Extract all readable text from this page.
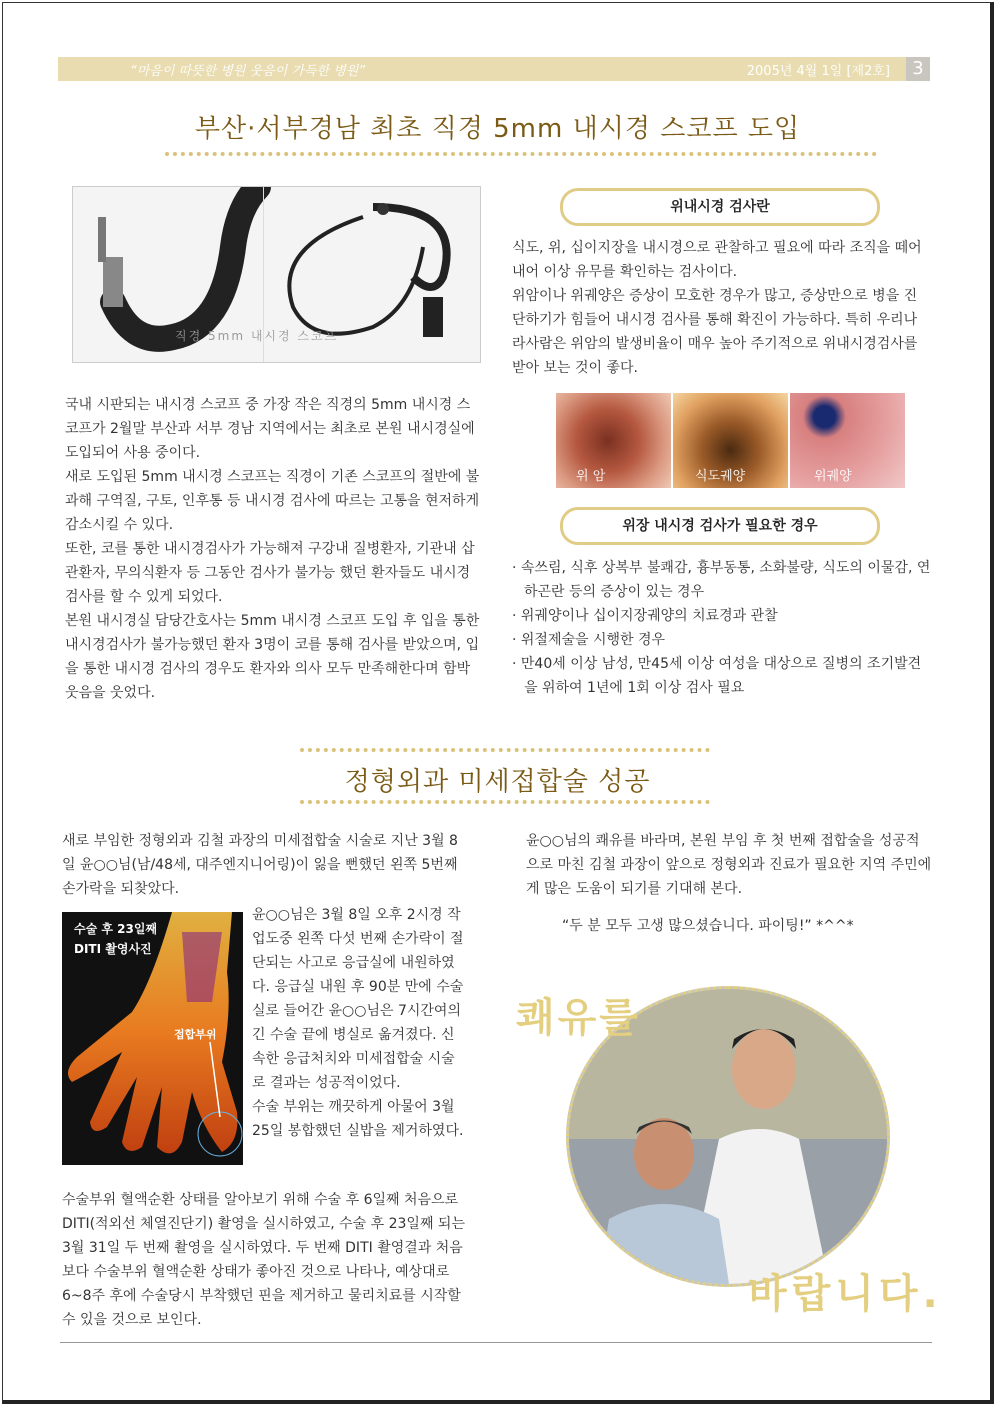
“마음이 따뜻한 병원 웃음이 가득한 병원”	2005년 4월 1일 [제2호]	3
부산·서부경남 최초 직경 5mm 내시경 스코프 도입
직경 5mm 내시경 스코프

국내 시판되는 내시경 스코프 중 가장 작은 직경의 5mm 내시경 스코프가 2월말 부산과 서부 경남 지역에서는 최초로 본원 내시경실에 도입되어 사용 중이다.

새로 도입된 5mm 내시경 스코프는 직경이 기존 스코프의 절반에 불과해 구역질, 구토, 인후통 등 내시경 검사에 따르는 고통을 현저하게 감소시킬 수 있다.

또한, 코를 통한 내시경검사가 가능해져 구강내 질병환자, 기관내 삽관환자, 무의식환자 등 그동안 검사가 불가능 했던 환자들도 내시경검사를 할 수 있게 되었다.

본원 내시경실 담당간호사는 5mm 내시경 스코프 도입 후 입을 통한 내시경검사가 불가능했던 환자 3명이 코를 통해 검사를 받았으며, 입을 통한 내시경 검사의 경우도 환자와 의사 모두 만족해한다며 함박웃음을 웃었다.

위내시경 검사란

식도, 위, 십이지장을 내시경으로 관찰하고 필요에 따라 조직을 떼어내어 이상 유무를 확인하는 검사이다.

위암이나 위궤양은 증상이 모호한 경우가 많고, 증상만으로 병을 진단하기가 힘들어 내시경 검사를 통해 확진이 가능하다. 특히 우리나라사람은 위암의 발생비율이 매우 높아 주기적으로 위내시경검사를 받아 보는 것이 좋다.

위 암	식도궤양	위궤양
위장 내시경 검사가 필요한 경우
· 속쓰림, 식후 상복부 불쾌감, 흉부동통, 소화불량, 식도의 이물감, 연하곤란 등의 증상이 있는 경우
· 위궤양이나 십이지장궤양의 치료경과 관찰
· 위절제술을 시행한 경우
· 만40세 이상 남성, 만45세 이상 여성을 대상으로 질병의 조기발견을 위하여 1년에 1회 이상 검사 필요
정형외과 미세접합술 성공
새로 부임한 정형외과 김철 과장의 미세접합술 시술로 지난 3월 8일 윤○○님(남/48세, 대주엔지니어링)이 잃을 뻔했던 왼쪽 5번째 손가락을 되찾았다.
수술 후 23일째
DITI 촬영사진
접합부위

윤○○님은 3월 8일 오후 2시경 작업도중 왼쪽 다섯 번째 손가락이 절단되는 사고로 응급실에 내원하였다. 응급실 내원 후 90분 만에 수술실로 들어간 윤○○님은 7시간여의 긴 수술 끝에 병실로 옮겨졌다. 신속한 응급처치와 미세접합술 시술로 결과는 성공적이었다.

수술 부위는 깨끗하게 아물어 3월 25일 봉합했던 실밥을 제거하였다.

수술부위 혈액순환 상태를 알아보기 위해 수술 후 6일째 처음으로 DITI(적외선 체열진단기) 촬영을 실시하였고, 수술 후 23일째 되는 3월 31일 두 번째 촬영을 실시하였다. 두 번째 DITI 촬영결과 처음보다 수술부위 혈액순환 상태가 좋아진 것으로 나타나, 예상대로 6~8주 후에 수술당시 부착했던 핀을 제거하고 물리치료를 시작할 수 있을 것으로 보인다.
윤○○님의 쾌유를 바라며, 본원 부임 후 첫 번째 접합술을 성공적으로 마친 김철 과장이 앞으로 정형외과 진료가 필요한 지역 주민에게 많은 도움이 되기를 기대해 본다.
“두 분 모두 고생 많으셨습니다. 파이팅!” *^^*
쾌유를
바랍니다.
